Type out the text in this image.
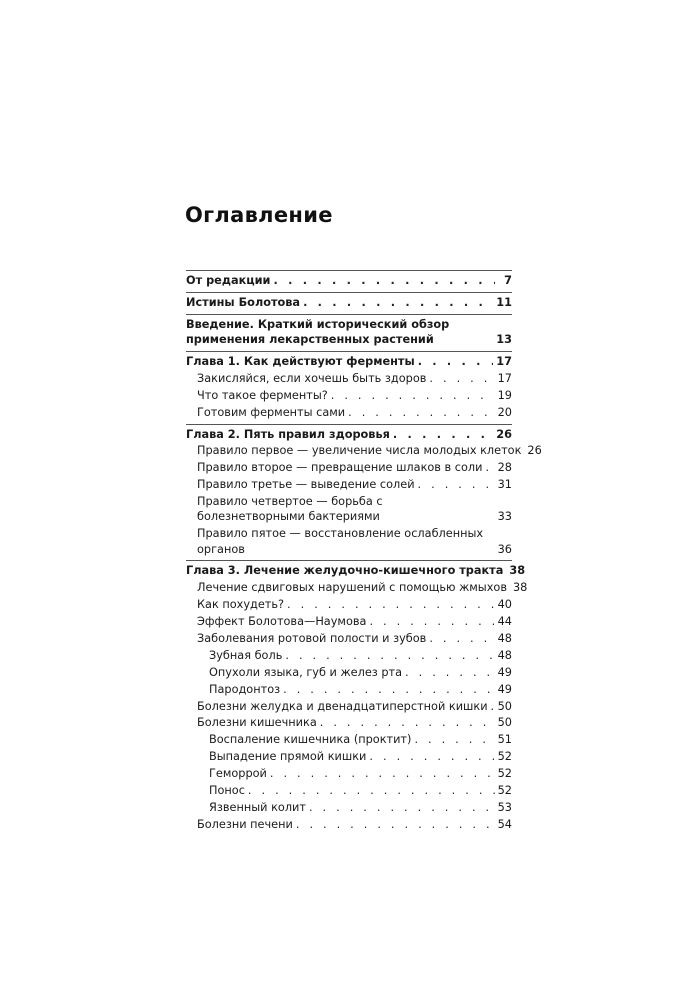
Оглавление
От редакции . . .	7
Истины Болотова . . .	11
Введение. Краткий исторический обзор применения лекарственных растений	13
Глава 1. Как действуют ферменты . . .	17
Закисляйся, если хочешь быть здоров . . .	17
Что такое ферменты? . . .	19
Готовим ферменты сами . . .	20
Глава 2. Пять правил здоровья . . .	26
Правило первое — увеличение числа молодых клеток 26
Правило второе — превращение шлаков в соли . . . 28
Правило третье — выведение солей . . .	31
Правило четвертое — борьба с болезнетворными бактериями	33
Правило пятое — восстановление ослабленных органов	36
Глава 3. Лечение желудочно-кишечного тракта 38
Лечение сдвиговых нарушений с помощью жмыхов 38
Как похудеть? . . .	40
Эффект Болотова—Наумова . . .	44
Заболевания ротовой полости и зубов . . .	48
Зубная боль . . .	48
Опухоли языка, губ и желез рта . . .	49
Пародонтоз . . .	49
Болезни желудка и двенадцатиперстной кишки . . . 50
Болезни кишечника . . .	50
Воспаление кишечника (проктит) . . .	51
Выпадение прямой кишки . . .	52
Геморрой . . .	52
Понос . . .	52
Язвенный колит . . .	53
Болезни печени . . .	54
